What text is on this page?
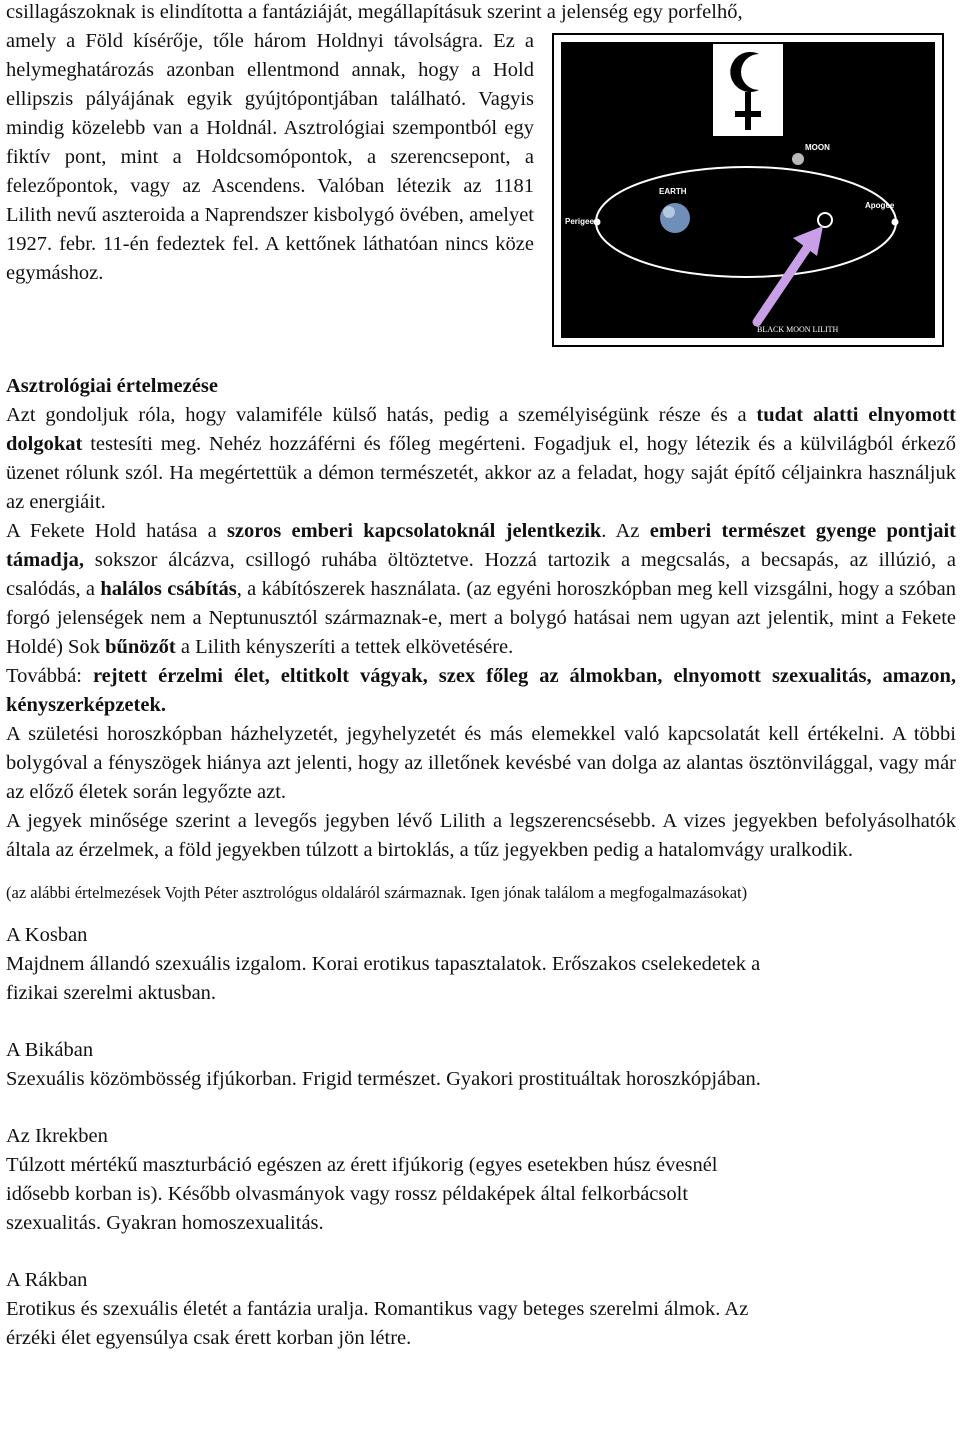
csillagászoknak is elindította a fantáziáját, megállapításuk szerint a jelenség egy porfelhő,

amely a Föld kísérője, tőle három Holdnyi távolságra. Ez a helymeghatározás azonban ellentmond annak, hogy a Hold ellipszis pályájának egyik gyújtópontjában található. Vagyis mindig közelebb van a Holdnál. Asztrológiai szempontból egy fiktív pont, mint a Holdcsomópontok, a szerencsepont, a felezőpontok, vagy az Ascendens. Valóban létezik az 1181 Lilith nevű aszteroida a Naprendszer kisbolygó övében, amelyet 1927. febr. 11-én fedeztek fel. A kettőnek láthatóan nincs köze egymáshoz.

MOON
EARTH
Perigee
Apogee
BLACK MOON LILITH

Asztrológiai értelmezése

Azt gondoljuk róla, hogy valamiféle külső hatás, pedig a személyiségünk része és a tudat alatti elnyomott dolgokat testesíti meg. Nehéz hozzáférni és főleg megérteni. Fogadjuk el, hogy létezik és a külvilágból érkező üzenet rólunk szól. Ha megértettük a démon természetét, akkor az a feladat, hogy saját építő céljainkra használjuk az energiáit.

A Fekete Hold hatása a szoros emberi kapcsolatoknál jelentkezik. Az emberi természet gyenge pontjait támadja, sokszor álcázva, csillogó ruhába öltöztetve. Hozzá tartozik a megcsalás, a becsapás, az illúzió, a csalódás, a halálos csábítás, a kábítószerek használata. (az egyéni horoszkópban meg kell vizsgálni, hogy a szóban forgó jelenségek nem a Neptunusztól származnak-e, mert a bolygó hatásai nem ugyan azt jelentik, mint a Fekete Holdé) Sok bűnözőt a Lilith kényszeríti a tettek elkövetésére.

Továbbá: rejtett érzelmi élet, eltitkolt vágyak, szex főleg az álmokban, elnyomott szexualitás, amazon, kényszerképzetek.

A születési horoszkópban házhelyzetét, jegyhelyzetét és más elemekkel való kapcsolatát kell értékelni. A többi bolygóval a fényszögek hiánya azt jelenti, hogy az illetőnek kevésbé van dolga az alantas ösztönvilággal, vagy már az előző életek során legyőzte azt.

A jegyek minősége szerint a levegős jegyben lévő Lilith a legszerencsésebb. A vizes jegyekben befolyásolhatók általa az érzelmek, a föld jegyekben túlzott a birtoklás, a tűz jegyekben pedig a hatalomvágy uralkodik.

(az alábbi értelmezések Vojth Péter asztrológus oldaláról származnak. Igen jónak találom a megfogalmazásokat)

A Kosban

Majdnem állandó szexuális izgalom. Korai erotikus tapasztalatok. Erőszakos cselekedetek a

fizikai szerelmi aktusban.

A Bikában

Szexuális közömbösség ifjúkorban. Frigid természet. Gyakori prostituáltak horoszkópjában.

Az Ikrekben

Túlzott mértékű maszturbáció egészen az érett ifjúkorig (egyes esetekben húsz évesnél

idősebb korban is). Később olvasmányok vagy rossz példaképek által felkorbácsolt

szexualitás. Gyakran homoszexualitás.

A Rákban

Erotikus és szexuális életét a fantázia uralja. Romantikus vagy beteges szerelmi álmok. Az

érzéki élet egyensúlya csak érett korban jön létre.
